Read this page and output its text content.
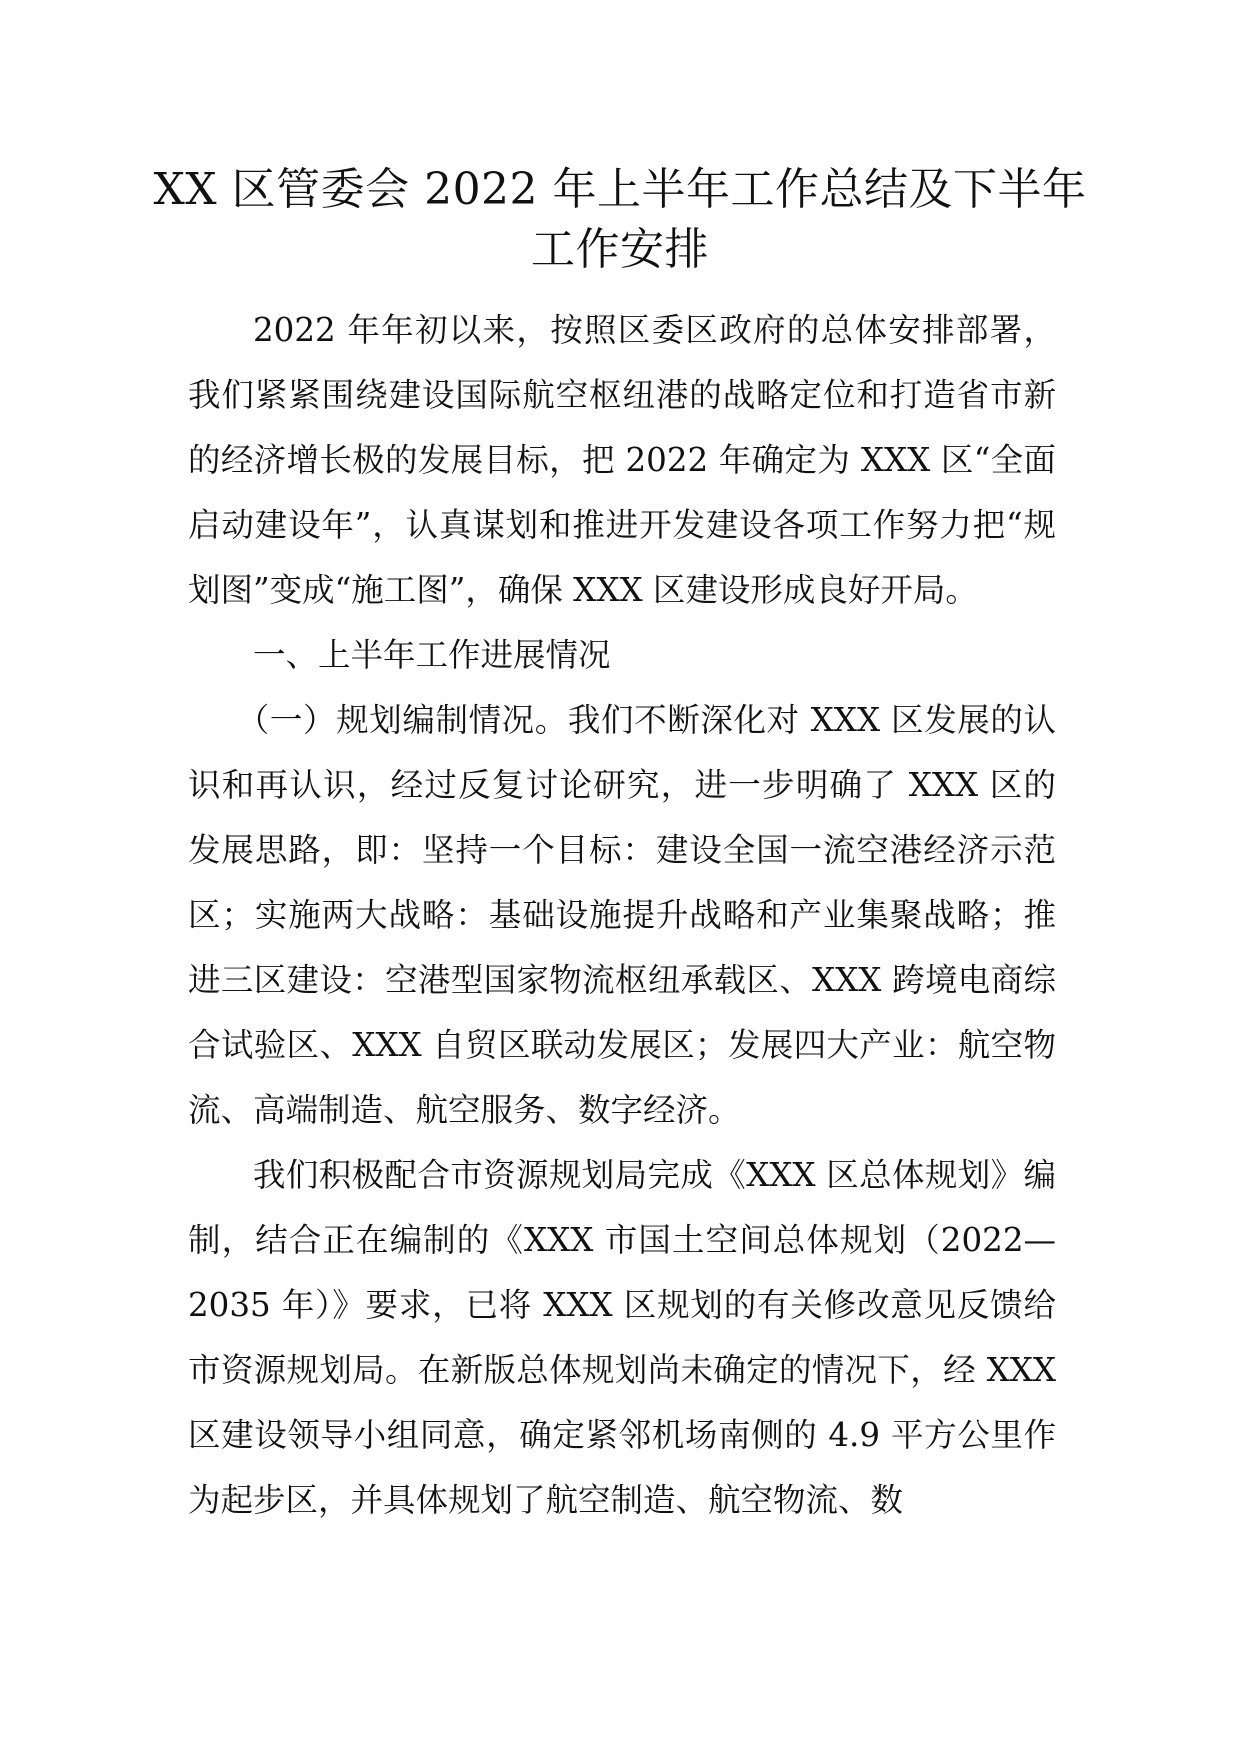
XX 区管委会 2022 年上半年工作总结及下半年工作安排

2022 年年初以来，按照区委区政府的总体安排部署，我们紧紧围绕建设国际航空枢纽港的战略定位和打造省市新的经济增长极的发展目标，把 2022 年确定为 XXX 区“全面启动建设年”，认真谋划和推进开发建设各项工作努力把“规划图”变成“施工图”，确保 XXX 区建设形成良好开局。

一、上半年工作进展情况

（一）规划编制情况。我们不断深化对 XXX 区发展的认识和再认识，经过反复讨论研究，进一步明确了 XXX 区的发展思路，即：坚持一个目标：建设全国一流空港经济示范区；实施两大战略：基础设施提升战略和产业集聚战略；推进三区建设：空港型国家物流枢纽承载区、XXX 跨境电商综合试验区、XXX 自贸区联动发展区；发展四大产业：航空物流、高端制造、航空服务、数字经济。

我们积极配合市资源规划局完成《XXX 区总体规划》编制，结合正在编制的《XXX 市国土空间总体规划（2022—2035 年）》要求，已将 XXX 区规划的有关修改意见反馈给市资源规划局。在新版总体规划尚未确定的情况下，经 XXX 区建设领导小组同意，确定紧邻机场南侧的 4.9 平方公里作为起步区，并具体规划了航空制造、航空物流、数
